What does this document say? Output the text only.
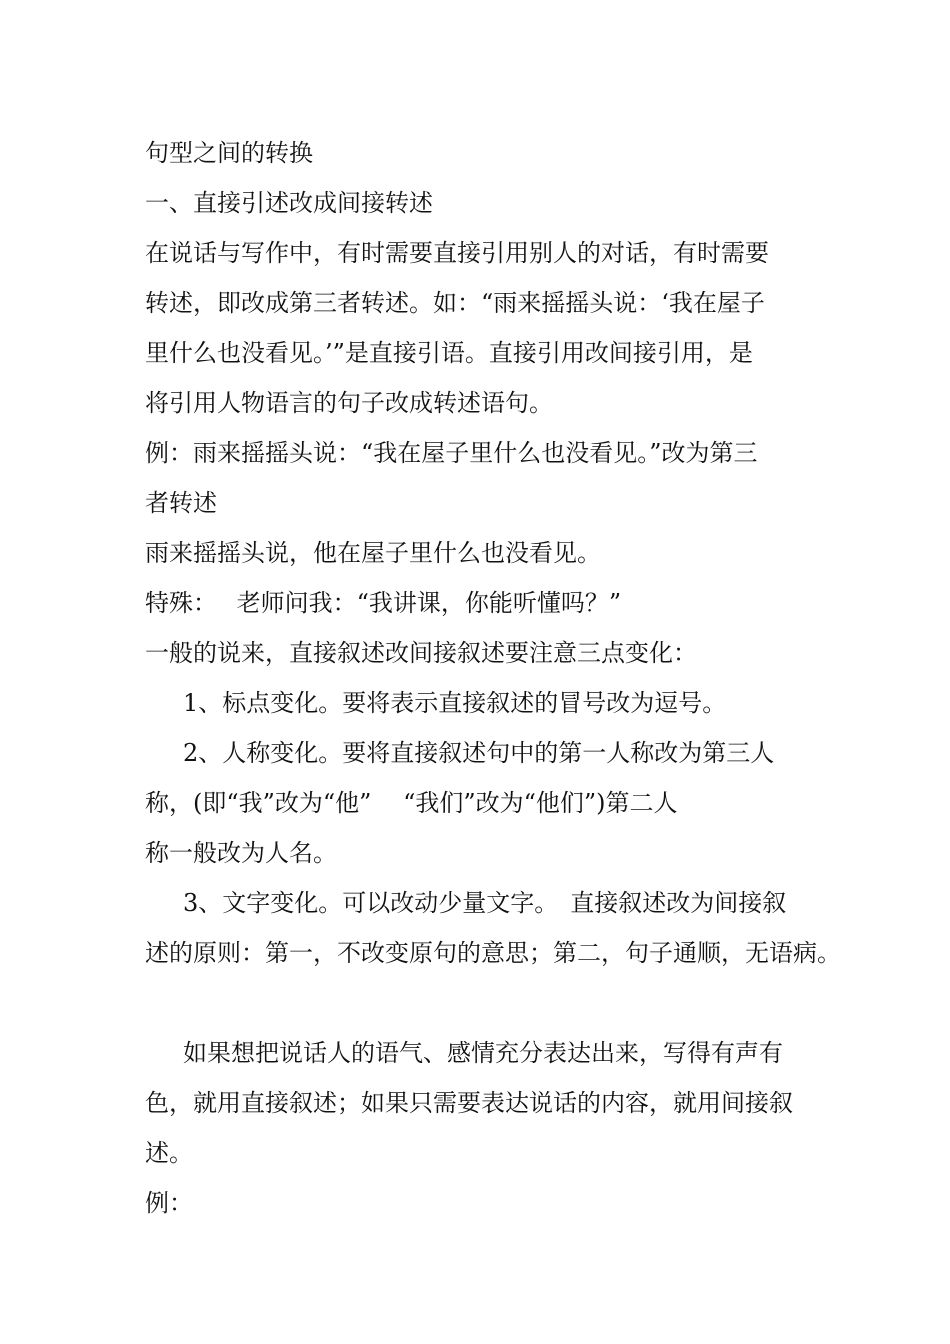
句型之间的转换
一、直接引述改成间接转述
在说话与写作中，有时需要直接引用别人的对话，有时需要
转述，即改成第三者转述。如：“雨来摇摇头说：‘我在屋子
里什么也没看见。’”是直接引语。直接引用改间接引用，是
将引用人物语言的句子改成转述语句。
例：雨来摇摇头说：“我在屋子里什么也没看见。”改为第三
者转述
雨来摇摇头说，他在屋子里什么也没看见。
特殊：　 老师问我：“我讲课，你能听懂吗？”
一般的说来，直接叙述改间接叙述要注意三点变化：
1、标点变化。要将表示直接叙述的冒号改为逗号。
2、人称变化。要将直接叙述句中的第一人称改为第三人
称，(即“我”改为“他”　 “我们”改为“他们”)第二人
称一般改为人名。
3、文字变化。可以改动少量文字。　直接叙述改为间接叙
述的原则：第一，不改变原句的意思；第二，句子通顺，无语病。
如果想把说话人的语气、感情充分表达出来，写得有声有
色，就用直接叙述；如果只需要表达说话的内容，就用间接叙
述。
例：
